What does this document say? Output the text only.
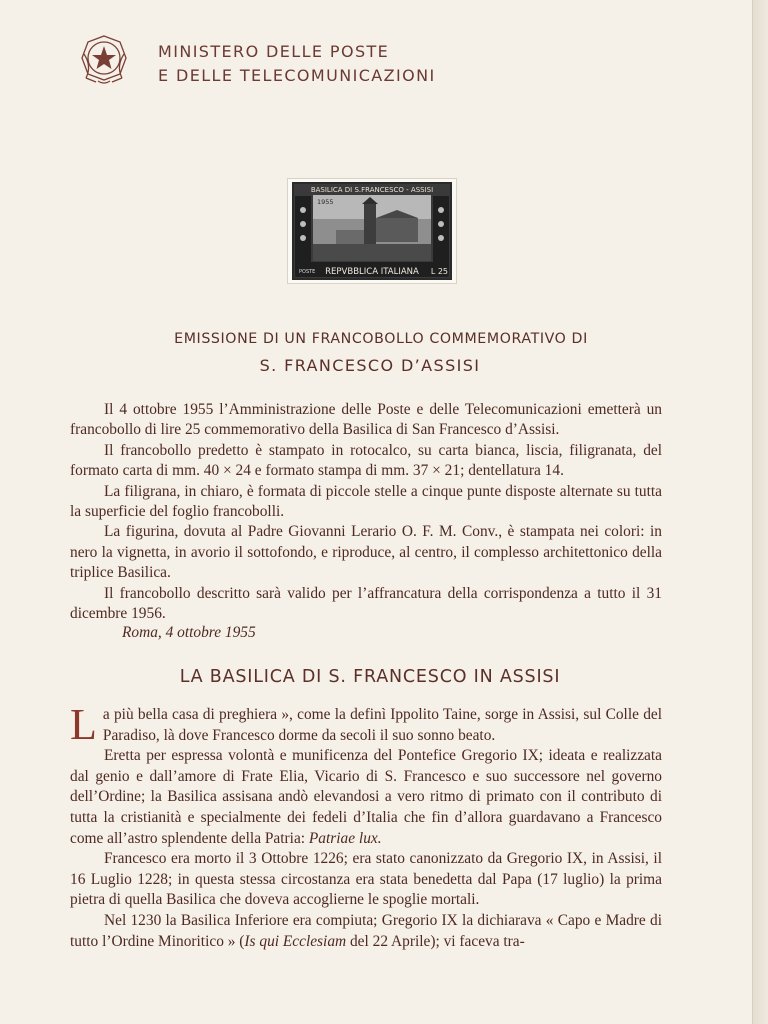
MINISTERO DELLE POSTE
E DELLE TELECOMUNICAZIONI
BASILICA DI S.FRANCESCO - ASSISI
1955
POSTE REPVBBLICA ITALIANA L 25
EMISSIONE DI UN FRANCOBOLLO COMMEMORATIVO DI
S. FRANCESCO D’ASSISI

Il 4 ottobre 1955 l’Amministrazione delle Poste e delle Telecomunicazioni emetterà un francobollo di lire 25 commemorativo della Basilica di San Francesco d’Assisi.

Il francobollo predetto è stampato in rotocalco, su carta bianca, liscia, filigranata, del formato carta di mm. 40 × 24 e formato stampa di mm. 37 × 21; dentellatura 14.

La filigrana, in chiaro, è formata di piccole stelle a cinque punte disposte alternate su tutta la superficie del foglio francobolli.

La figurina, dovuta al Padre Giovanni Lerario O. F. M. Conv., è stampata nei colori: in nero la vignetta, in avorio il sottofondo, e riproduce, al centro, il complesso architettonico della triplice Basilica.

Il francobollo descritto sarà valido per l’affrancatura della corrispondenza a tutto il 31 dicembre 1956.

Roma, 4 ottobre 1955
LA BASILICA DI S. FRANCESCO IN ASSISI

La più bella casa di preghiera », come la definì Ippolito Taine, sorge in Assisi, sul Colle del Paradiso, là dove Francesco dorme da secoli il suo sonno beato.

Eretta per espressa volontà e munificenza del Pontefice Gregorio IX; ideata e realizzata dal genio e dall’amore di Frate Elia, Vicario di S. Francesco e suo successore nel governo dell’Ordine; la Basilica assisana andò elevandosi a vero ritmo di primato con il contributo di tutta la cristianità e specialmente dei fedeli d’Italia che fin d’allora guardavano a Francesco come all’astro splendente della Patria: Patriae lux.

Francesco era morto il 3 Ottobre 1226; era stato canonizzato da Gregorio IX, in Assisi, il 16 Luglio 1228; in questa stessa circostanza era stata benedetta dal Papa (17 luglio) la prima pietra di quella Basilica che doveva accoglierne le spoglie mortali.

Nel 1230 la Basilica Inferiore era compiuta; Gregorio IX la dichiarava « Capo e Madre di tutto l’Ordine Minoritico » (Is qui Ecclesiam del 22 Aprile); vi faceva tra-
